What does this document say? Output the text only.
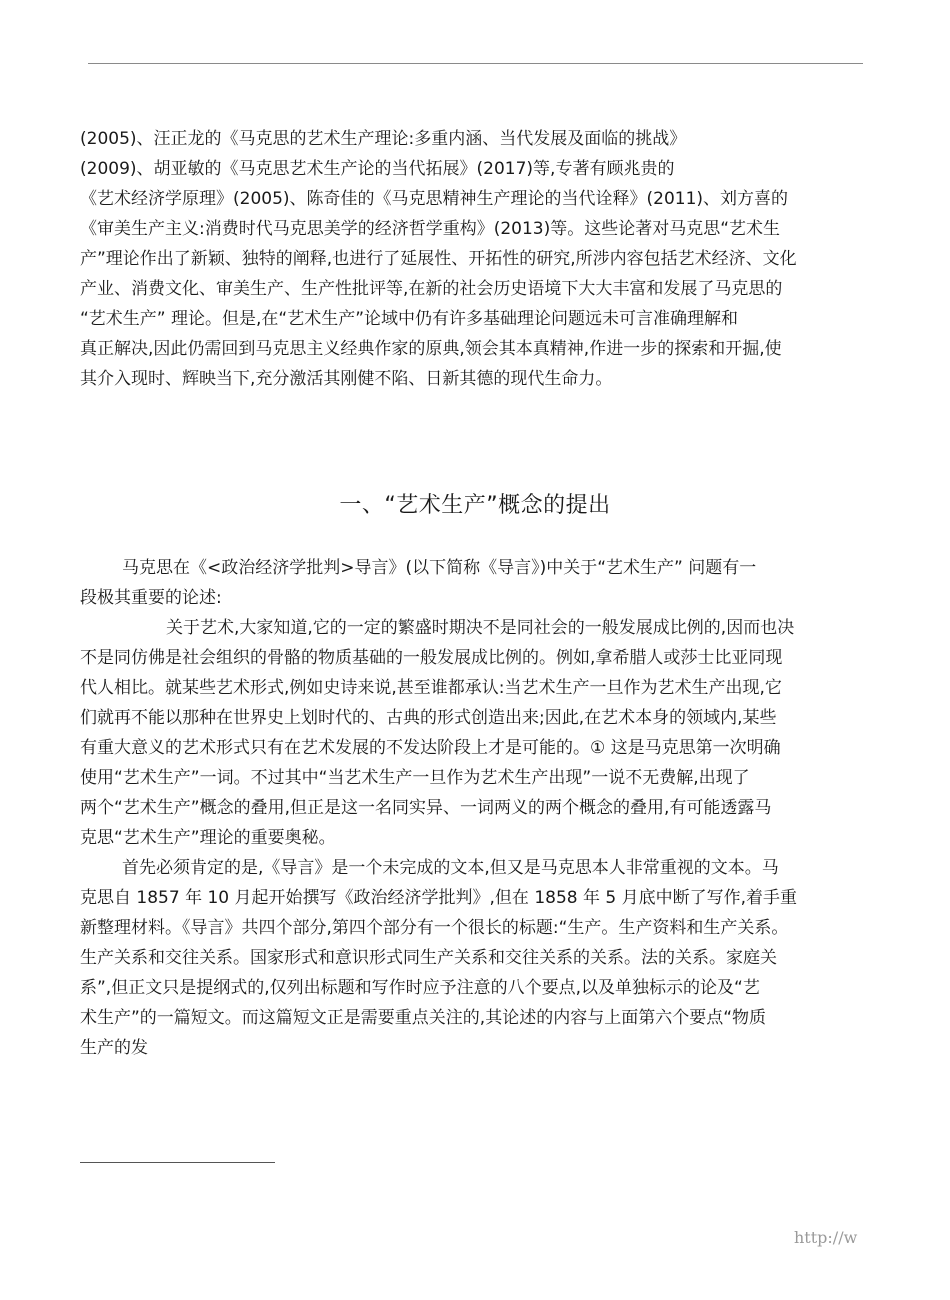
(2005)、汪正龙的《马克思的艺术生产理论:多重内涵、当代发展及面临的挑战》
(2009)、胡亚敏的《马克思艺术生产论的当代拓展》(2017)等,专著有顾兆贵的
《艺术经济学原理》(2005)、陈奇佳的《马克思精神生产理论的当代诠释》(2011)、刘方喜的
《审美生产主义:消费时代马克思美学的经济哲学重构》(2013)等。这些论著对马克思“艺术生
产”理论作出了新颖、独特的阐释,也进行了延展性、开拓性的研究,所涉内容包括艺术经济、文化
产业、消费文化、审美生产、生产性批评等,在新的社会历史语境下大大丰富和发展了马克思的
“艺术生产” 理论。但是,在“艺术生产”论域中仍有许多基础理论问题远未可言准确理解和
真正解决,因此仍需回到马克思主义经典作家的原典,领会其本真精神,作进一步的探索和开掘,使
其介入现时、辉映当下,充分激活其刚健不陷、日新其德的现代生命力。
一、“艺术生产”概念的提出
马克思在《<政治经济学批判>导言》(以下简称《导言》)中关于“艺术生产” 问题有一
段极其重要的论述:
关于艺术,大家知道,它的一定的繁盛时期决不是同社会的一般发展成比例的,因而也决
不是同仿佛是社会组织的骨骼的物质基础的一般发展成比例的。例如,拿希腊人或莎士比亚同现
代人相比。就某些艺术形式,例如史诗来说,甚至谁都承认:当艺术生产一旦作为艺术生产出现,它
们就再不能以那种在世界史上划时代的、古典的形式创造出来;因此,在艺术本身的领域内,某些
有重大意义的艺术形式只有在艺术发展的不发达阶段上才是可能的。① 这是马克思第一次明确
使用“艺术生产”一词。不过其中“当艺术生产一旦作为艺术生产出现”一说不无费解,出现了
两个“艺术生产”概念的叠用,但正是这一名同实异、一词两义的两个概念的叠用,有可能透露马
克思“艺术生产”理论的重要奥秘。
首先必须肯定的是,《导言》是一个未完成的文本,但又是马克思本人非常重视的文本。马
克思自 1857 年 10 月起开始撰写《政治经济学批判》,但在 1858 年 5 月底中断了写作,着手重
新整理材料。《导言》共四个部分,第四个部分有一个很长的标题:“生产。生产资料和生产关系。
生产关系和交往关系。国家形式和意识形式同生产关系和交往关系的关系。法的关系。家庭关
系”,但正文只是提纲式的,仅列出标题和写作时应予注意的八个要点,以及单独标示的论及“艺
术生产”的一篇短文。而这篇短文正是需要重点关注的,其论述的内容与上面第六个要点“物质
生产的发
http://w
